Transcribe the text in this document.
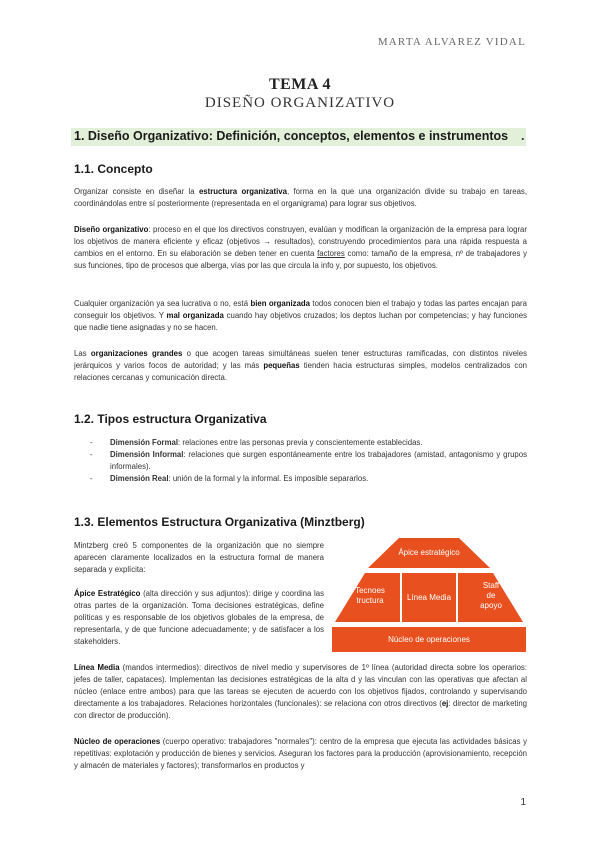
MARTA ALVAREZ VIDAL
TEMA 4
DISEÑO ORGANIZATIVO
1. Diseño Organizativo: Definición, conceptos, elementos e instrumentos .
1.1. Concepto
Organizar consiste en diseñar la estructura organizativa, forma en la que una organización divide su trabajo en tareas, coordinándolas entre sí posteriormente (representada en el organigrama) para lograr sus objetivos.
Diseño organizativo: proceso en el que los directivos construyen, evalúan y modifican la organización de la empresa para lograr los objetivos de manera eficiente y eficaz (objetivos → resultados), construyendo procedimientos para una rápida respuesta a cambios en el entorno. En su elaboración se deben tener en cuenta factores como: tamaño de la empresa, nº de trabajadores y sus funciones, tipo de procesos que alberga, vías por las que circula la info y, por supuesto, los objetivos.
Cualquier organización ya sea lucrativa o no, está bien organizada todos conocen bien el trabajo y todas las partes encajan para conseguir los objetivos. Y mal organizada cuando hay objetivos cruzados; los deptos luchan por competencias; y hay funciones que nadie tiene asignadas y no se hacen.
Las organizaciones grandes o que acogen tareas simultáneas suelen tener estructuras ramificadas, con distintos niveles jerárquicos y varios focos de autoridad; y las más pequeñas tienden hacia estructuras simples, modelos centralizados con relaciones cercanas y comunicación directa.
1.2. Tipos estructura Organizativa
- Dimensión Formal: relaciones entre las personas previa y conscientemente establecidas.
- Dimensión Informal: relaciones que surgen espontáneamente entre los trabajadores (amistad, antagonismo y grupos informales).
- Dimensión Real: unión de la formal y la informal. Es imposible separarlos.
1.3. Elementos Estructura Organizativa (Minztberg)
Mintzberg creó 5 componentes de la organización que no siempre aparecen claramente localizados en la estructura formal de manera separada y explícita:
Ápice Estratégico (alta dirección y sus adjuntos): dirige y coordina las otras partes de la organización. Toma decisiones estratégicas, define políticas y es responsable de los objetivos globales de la empresa, de representarla, y de que funcione adecuadamente; y de satisfacer a los stakeholders.
Línea Media (mandos intermedios): directivos de nivel medio y supervisores de 1º línea (autoridad directa sobre los operarios: jefes de taller, capataces). Implementan las decisiones estratégicas de la alta d y las vinculan con las operativas que afectan al núcleo (enlace entre ambos) para que las tareas se ejecuten de acuerdo con los objetivos fijados, controlando y supervisando directamente a los trabajadores. Relaciones horizontales (funcionales): se relaciona con otros directivos (ej: director de marketing con director de producción).
Núcleo de operaciones (cuerpo operativo: trabajadores "normales"): centro de la empresa que ejecuta las actividades básicas y repetitivas: explotación y producción de bienes y servicios. Aseguran los factores para la producción (aprovisionamiento, recepción y almacén de materiales y factores); transformarlos en productos y
Ápice estratégico
Tecnoes
tructura	Línea Media
Staff
de
apoyo
Núcleo de operaciones
1
